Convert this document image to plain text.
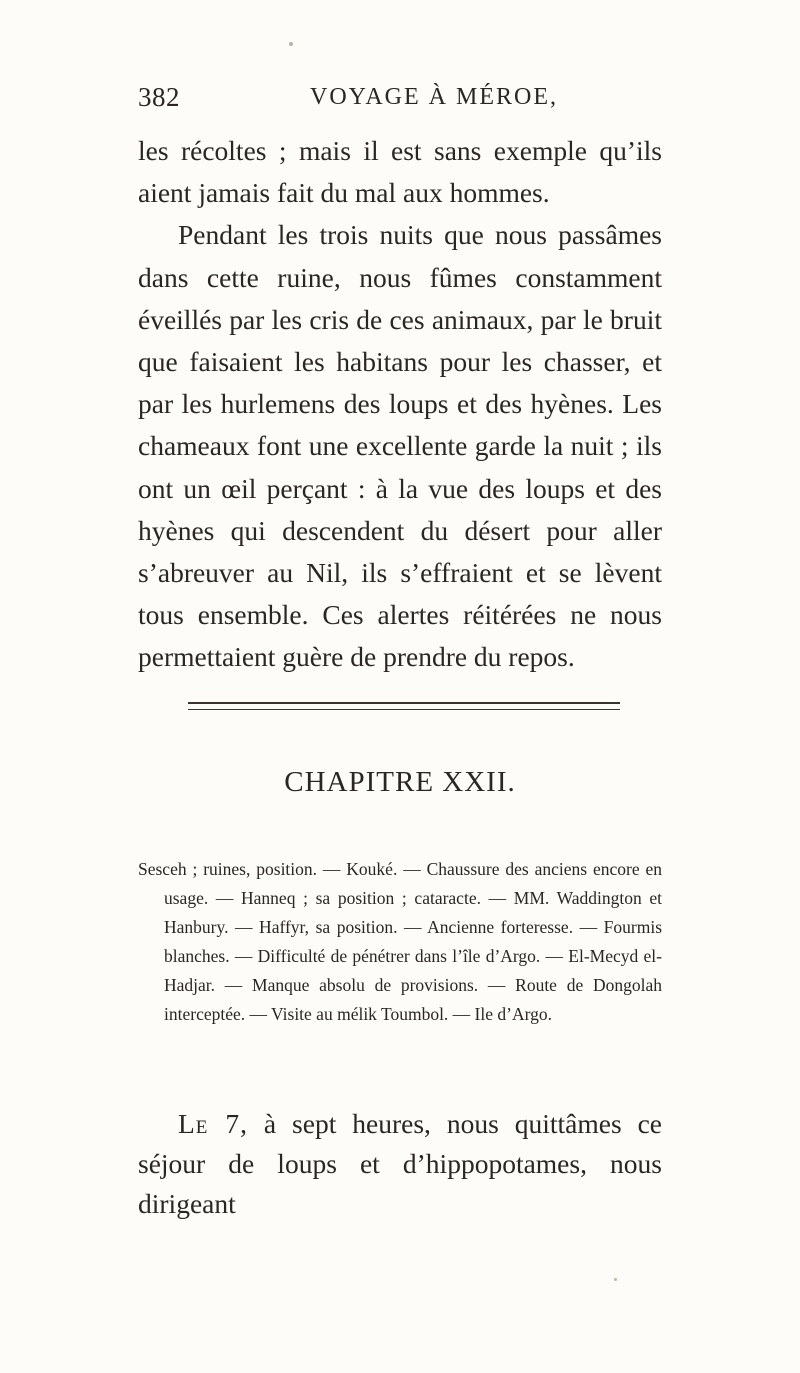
382	VOYAGE À MÉROE,

les récoltes ; mais il est sans exemple qu’ils aient jamais fait du mal aux hommes.

Pendant les trois nuits que nous passâmes dans cette ruine, nous fûmes constamment éveillés par les cris de ces animaux, par le bruit que faisaient les habitans pour les chasser, et par les hurlemens des loups et des hyènes. Les chameaux font une excellente garde la nuit ; ils ont un œil perçant : à la vue des loups et des hyènes qui descendent du désert pour aller s’abreuver au Nil, ils s’effraient et se lèvent tous ensemble. Ces alertes réitérées ne nous permettaient guère de prendre du repos.

CHAPITRE XXII.
Sesceh ; ruines, position. — Kouké. — Chaussure des anciens encore en usage. — Hanneq ; sa position ; cataracte. — MM. Waddington et Hanbury. — Haffyr, sa position. — Ancienne forteresse. — Fourmis blanches. — Difficulté de pénétrer dans l’île d’Argo. — El-Mecyd el-Hadjar. — Manque absolu de provisions. — Route de Dongolah interceptée. — Visite au mélik Toumbol. — Ile d’Argo.

Le 7, à sept heures, nous quittâmes ce séjour de loups et d’hippopotames, nous dirigeant
